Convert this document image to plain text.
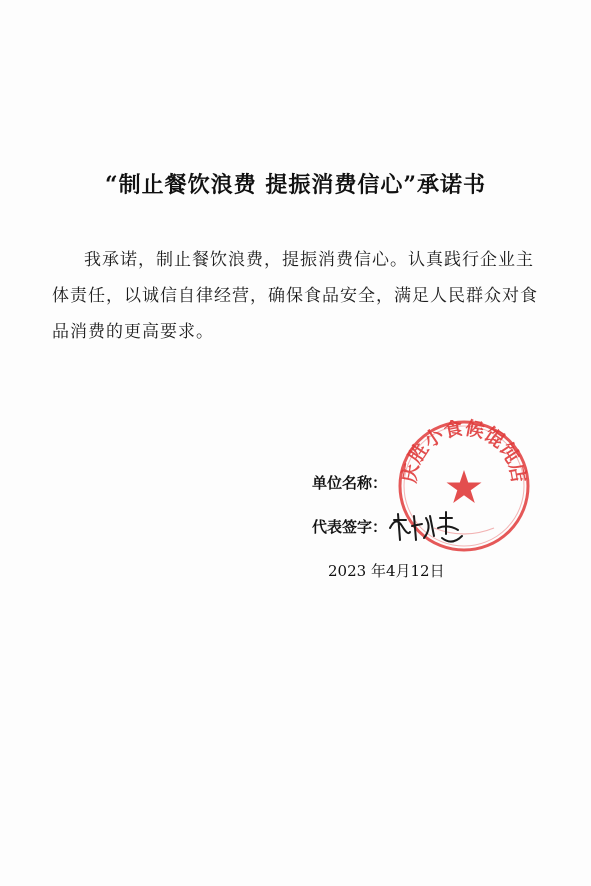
“制止餐饮浪费 提振消费信心”承诺书
我承诺，制止餐饮浪费，提振消费信心。认真践行企业主体责任，以诚信自律经营，确保食品安全，满足人民群众对食品消费的更高要求。
单位名称：
代表签字：
2023 年4月12日
庆胜小食候馄饨店
